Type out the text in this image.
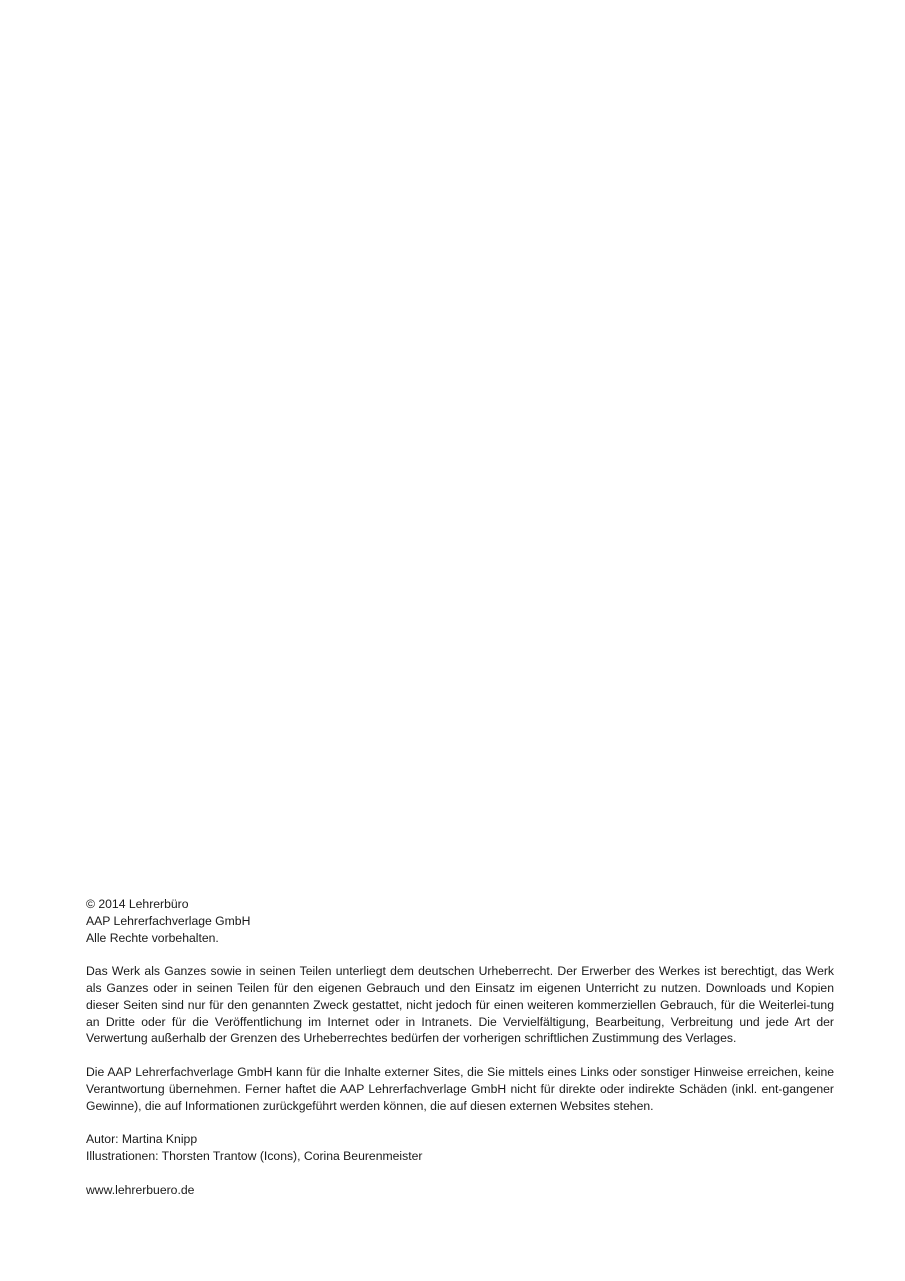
© 2014 Lehrerbüro
AAP Lehrerfachverlage GmbH
Alle Rechte vorbehalten.
Das Werk als Ganzes sowie in seinen Teilen unterliegt dem deutschen Urheberrecht. Der Erwerber des Werkes ist berechtigt, das Werk als Ganzes oder in seinen Teilen für den eigenen Gebrauch und den Einsatz im eigenen Unterricht zu nutzen. Downloads und Kopien dieser Seiten sind nur für den genannten Zweck gestattet, nicht jedoch für einen weiteren kommerziellen Gebrauch, für die Weiterlei-tung an Dritte oder für die Veröffentlichung im Internet oder in Intranets. Die Vervielfältigung, Bearbeitung, Verbreitung und jede Art der Verwertung außerhalb der Grenzen des Urheberrechtes bedürfen der vorherigen schriftlichen Zustimmung des Verlages.
Die AAP Lehrerfachverlage GmbH kann für die Inhalte externer Sites, die Sie mittels eines Links oder sonstiger Hinweise erreichen, keine Verantwortung übernehmen. Ferner haftet die AAP Lehrerfachverlage GmbH nicht für direkte oder indirekte Schäden (inkl. ent-gangener Gewinne), die auf Informationen zurückgeführt werden können, die auf diesen externen Websites stehen.
Autor: Martina Knipp
Illustrationen: Thorsten Trantow (Icons), Corina Beurenmeister
www.lehrerbuero.de
